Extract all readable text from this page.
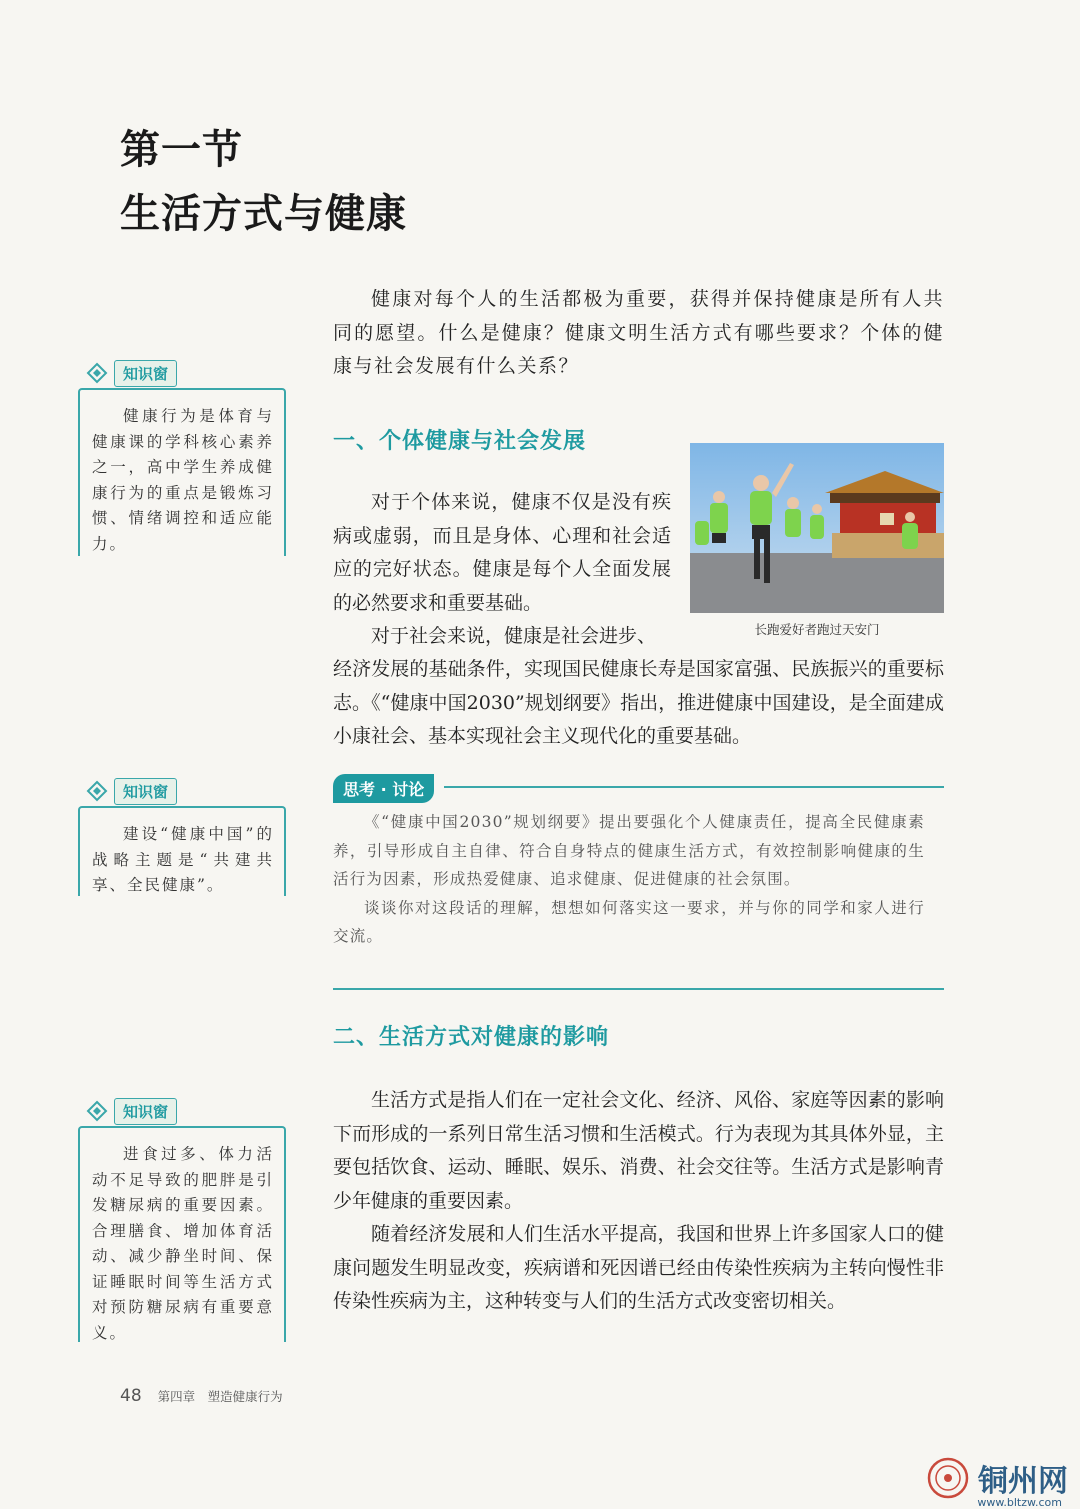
第一节
生活方式与健康

健康对每个人的生活都极为重要，获得并保持健康是所有人共同的愿望。什么是健康？健康文明生活方式有哪些要求？个体的健康与社会发展有什么关系？

知识窗

健康行为是体育与健康课的学科核心素养之一，高中学生养成健康行为的重点是锻炼习惯、情绪调控和适应能力。

一、个体健康与社会发展

对于个体来说，健康不仅是没有疾病或虚弱，而且是身体、心理和社会适应的完好状态。健康是每个人全面发展的必然要求和重要基础。

对于社会来说，健康是社会进步、	长跑爱好者跑过天安门
经济发展的基础条件，实现国民健康长寿是国家富强、民族振兴的重要标志。《“健康中国2030”规划纲要》指出，推进健康中国建设，是全面建成小康社会、基本实现社会主义现代化的重要基础。
知识窗

建设“健康中国”的战略主题是“共建共享、全民健康”。

思考 · 讨论

《“健康中国2030”规划纲要》提出要强化个人健康责任，提高全民健康素养，引导形成自主自律、符合自身特点的健康生活方式，有效控制影响健康的生活行为因素，形成热爱健康、追求健康、促进健康的社会氛围。

谈谈你对这段话的理解，想想如何落实这一要求，并与你的同学和家人进行交流。

二、生活方式对健康的影响
知识窗

进食过多、体力活动不足导致的肥胖是引发糖尿病的重要因素。合理膳食、增加体育活动、减少静坐时间、保证睡眠时间等生活方式对预防糖尿病有重要意义。

生活方式是指人们在一定社会文化、经济、风俗、家庭等因素的影响下而形成的一系列日常生活习惯和生活模式。行为表现为其具体外显，主要包括饮食、运动、睡眠、娱乐、消费、社会交往等。生活方式是影响青少年健康的重要因素。

随着经济发展和人们生活水平提高，我国和世界上许多国家人口的健康问题发生明显改变，疾病谱和死因谱已经由传染性疾病为主转向慢性非传染性疾病为主，这种转变与人们的生活方式改变密切相关。

48 第四章　塑造健康行为
铜州网
www.bltzw.com
